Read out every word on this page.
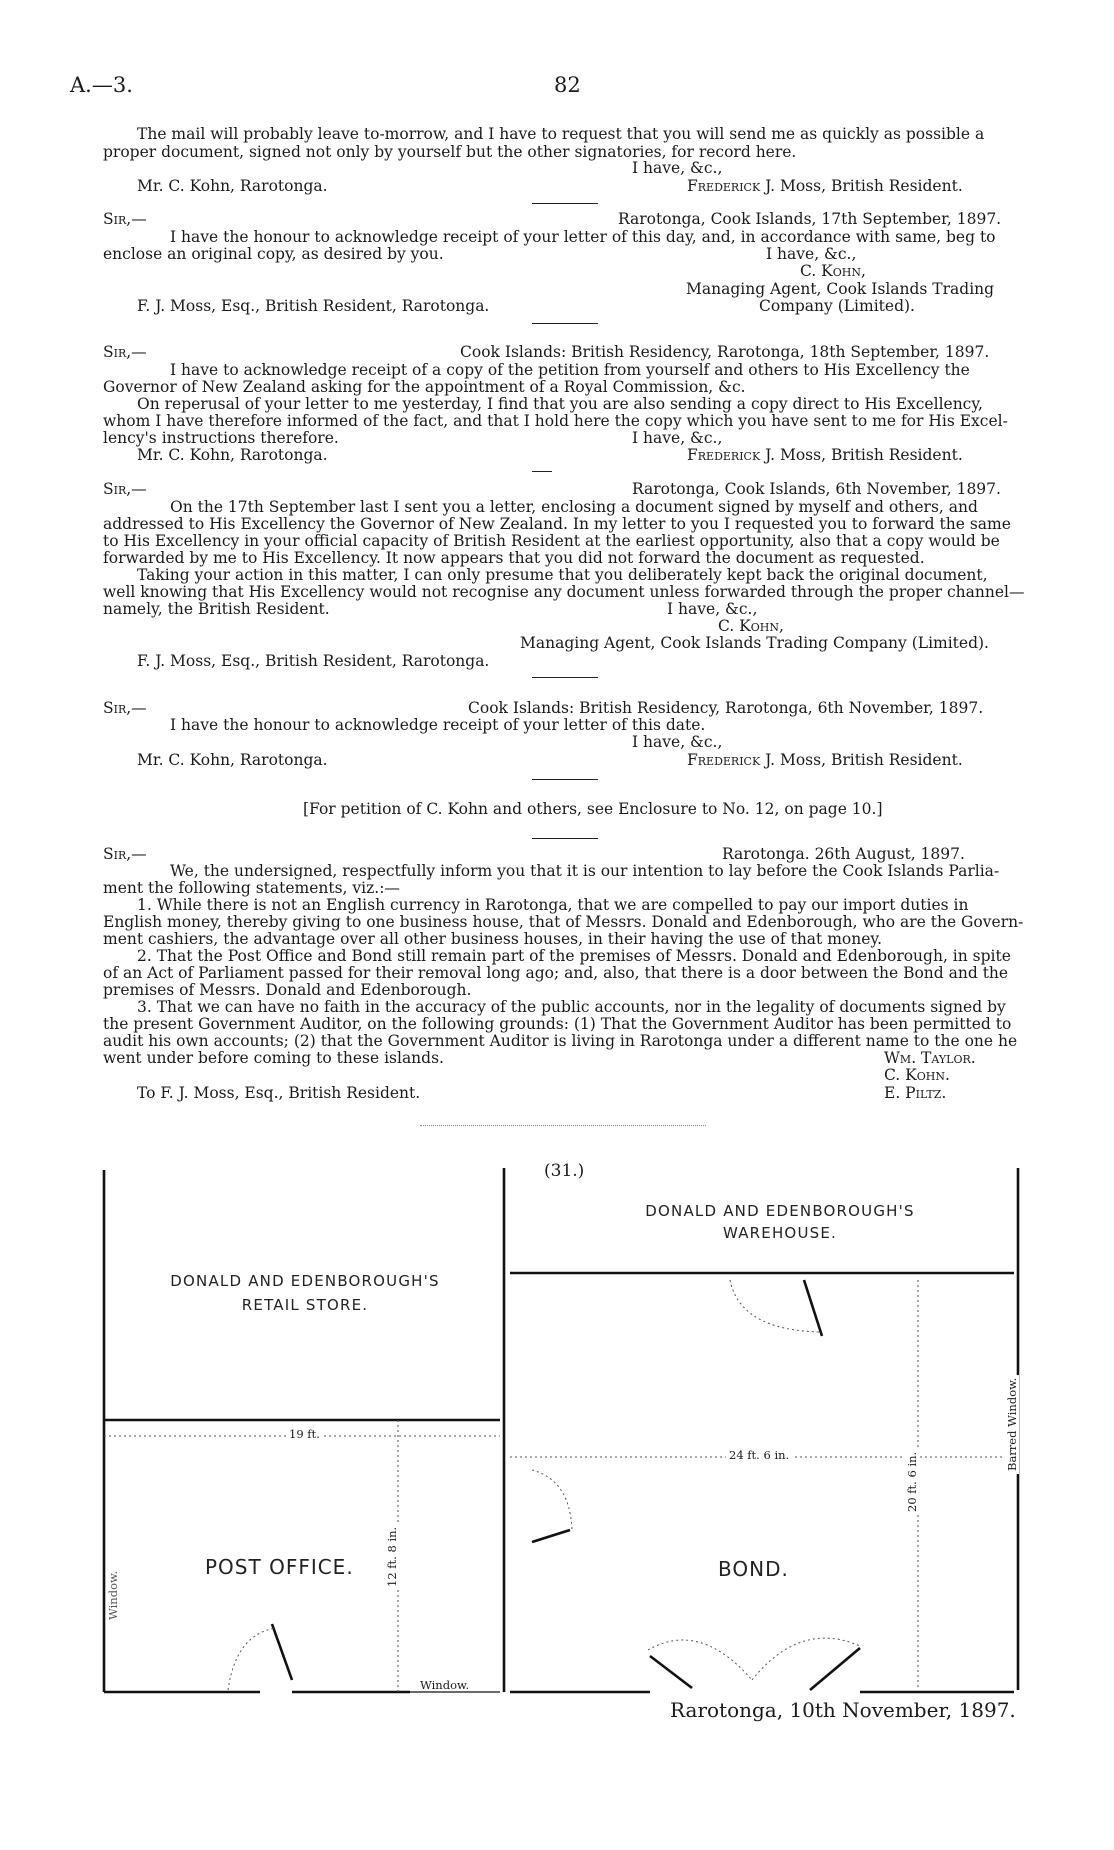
A.—3.	82
The mail will probably leave to-morrow, and I have to request that you will send me as quickly as possible a
proper document, signed not only by yourself but the other signatories, for record here.
I have, &c.,
Mr. C. Kohn, Rarotonga.	Frederick J. Moss, British Resident.
Sir,—	Rarotonga, Cook Islands, 17th September, 1897.
I have the honour to acknowledge receipt of your letter of this day, and, in accordance with same, beg to
enclose an original copy, as desired by you.	I have, &c.,
C. Kohn,
Managing Agent, Cook Islands Trading
F. J. Moss, Esq., British Resident, Rarotonga.	Company (Limited).
Sir,—	Cook Islands: British Residency, Rarotonga, 18th September, 1897.
I have to acknowledge receipt of a copy of the petition from yourself and others to His Excellency the
Governor of New Zealand asking for the appointment of a Royal Commission, &c.
On reperusal of your letter to me yesterday, I find that you are also sending a copy direct to His Excellency,
whom I have therefore informed of the fact, and that I hold here the copy which you have sent to me for His Excel-
lency's instructions therefore.	I have, &c.,
Mr. C. Kohn, Rarotonga.	Frederick J. Moss, British Resident.
Sir,—	Rarotonga, Cook Islands, 6th November, 1897.
On the 17th September last I sent you a letter, enclosing a document signed by myself and others, and
addressed to His Excellency the Governor of New Zealand. In my letter to you I requested you to forward the same
to His Excellency in your official capacity of British Resident at the earliest opportunity, also that a copy would be
forwarded by me to His Excellency. It now appears that you did not forward the document as requested.
Taking your action in this matter, I can only presume that you deliberately kept back the original document,
well knowing that His Excellency would not recognise any document unless forwarded through the proper channel—
namely, the British Resident.	I have, &c.,
C. Kohn,
Managing Agent, Cook Islands Trading Company (Limited).
F. J. Moss, Esq., British Resident, Rarotonga.
Sir,—	Cook Islands: British Residency, Rarotonga, 6th November, 1897.
I have the honour to acknowledge receipt of your letter of this date.
I have, &c.,
Mr. C. Kohn, Rarotonga.	Frederick J. Moss, British Resident.
[For petition of C. Kohn and others, see Enclosure to No. 12, on page 10.]
Sir,—	Rarotonga. 26th August, 1897.
We, the undersigned, respectfully inform you that it is our intention to lay before the Cook Islands Parlia-
ment the following statements, viz.:—
1. While there is not an English currency in Rarotonga, that we are compelled to pay our import duties in
English money, thereby giving to one business house, that of Messrs. Donald and Edenborough, who are the Govern-
ment cashiers, the advantage over all other business houses, in their having the use of that money.
2. That the Post Office and Bond still remain part of the premises of Messrs. Donald and Edenborough, in spite
of an Act of Parliament passed for their removal long ago; and, also, that there is a door between the Bond and the
premises of Messrs. Donald and Edenborough.
3. That we can have no faith in the accuracy of the public accounts, nor in the legality of documents signed by
the present Government Auditor, on the following grounds: (1) That the Government Auditor has been permitted to
audit his own accounts; (2) that the Government Auditor is living in Rarotonga under a different name to the one he
went under before coming to these islands.	Wm. Taylor.
C. Kohn.
To F. J. Moss, Esq., British Resident.	E. Piltz.
(31.)
DONALD AND EDENBOROUGH'S
WAREHOUSE.
DONALD AND EDENBOROUGH'S
RETAIL STORE.
POST OFFICE.	BOND.
19 ft.
24 ft. 6 in.
12 ft. 8 in.
20 ft. 6 in.
Window.
Window.
Barred Window.
Rarotonga, 10th November, 1897.
